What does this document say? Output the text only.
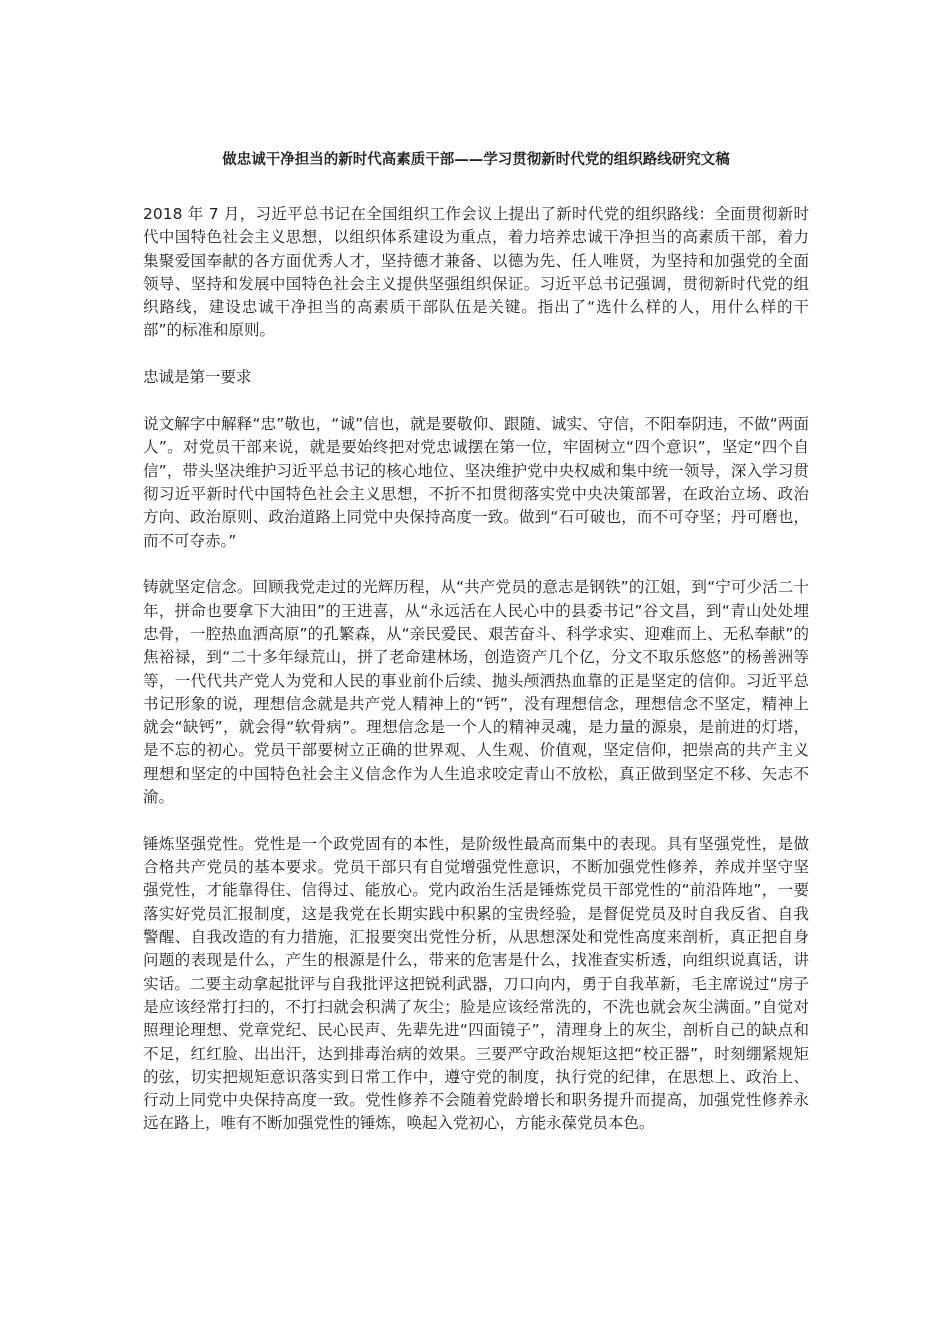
做忠诚干净担当的新时代高素质干部——学习贯彻新时代党的组织路线研究文稿

2018 年 7 月，习近平总书记在全国组织工作会议上提出了新时代党的组织路线：全面贯彻新时代中国特色社会主义思想，以组织体系建设为重点，着力培养忠诚干净担当的高素质干部，着力集聚爱国奉献的各方面优秀人才，坚持德才兼备、以德为先、任人唯贤，为坚持和加强党的全面领导、坚持和发展中国特色社会主义提供坚强组织保证。习近平总书记强调，贯彻新时代党的组织路线，建设忠诚干净担当的高素质干部队伍是关键。指出了“选什么样的人，用什么样的干部”的标准和原则。

忠诚是第一要求

说文解字中解释“忠”敬也，“诚”信也，就是要敬仰、跟随、诚实、守信，不阳奉阴违，不做“两面人”。对党员干部来说，就是要始终把对党忠诚摆在第一位，牢固树立“四个意识”，坚定“四个自信”，带头坚决维护习近平总书记的核心地位、坚决维护党中央权威和集中统一领导，深入学习贯彻习近平新时代中国特色社会主义思想，不折不扣贯彻落实党中央决策部署，在政治立场、政治方向、政治原则、政治道路上同党中央保持高度一致。做到“石可破也，而不可夺坚；丹可磨也，而不可夺赤。”

铸就坚定信念。回顾我党走过的光辉历程，从“共产党员的意志是钢铁”的江姐，到“宁可少活二十年，拼命也要拿下大油田”的王进喜，从“永远活在人民心中的县委书记”谷文昌，到“青山处处埋忠骨，一腔热血洒高原”的孔繁森，从“亲民爱民、艰苦奋斗、科学求实、迎难而上、无私奉献”的焦裕禄，到“二十多年绿荒山，拼了老命建林场，创造资产几个亿，分文不取乐悠悠”的杨善洲等等，一代代共产党人为党和人民的事业前仆后续、抛头颅洒热血靠的正是坚定的信仰。习近平总书记形象的说，理想信念就是共产党人精神上的“钙”，没有理想信念，理想信念不坚定，精神上就会“缺钙”，就会得“软骨病”。理想信念是一个人的精神灵魂，是力量的源泉，是前进的灯塔，是不忘的初心。党员干部要树立正确的世界观、人生观、价值观，坚定信仰，把崇高的共产主义理想和坚定的中国特色社会主义信念作为人生追求咬定青山不放松，真正做到坚定不移、矢志不渝。

锤炼坚强党性。党性是一个政党固有的本性，是阶级性最高而集中的表现。具有坚强党性，是做合格共产党员的基本要求。党员干部只有自觉增强党性意识，不断加强党性修养，养成并坚守坚强党性，才能靠得住、信得过、能放心。党内政治生活是锤炼党员干部党性的“前沿阵地”，一要落实好党员汇报制度，这是我党在长期实践中积累的宝贵经验，是督促党员及时自我反省、自我警醒、自我改造的有力措施，汇报要突出党性分析，从思想深处和党性高度来剖析，真正把自身问题的表现是什么，产生的根源是什么，带来的危害是什么，找准查实析透，向组织说真话，讲实话。二要主动拿起批评与自我批评这把锐利武器，刀口向内，勇于自我革新，毛主席说过“房子是应该经常打扫的，不打扫就会积满了灰尘；脸是应该经常洗的，不洗也就会灰尘满面。”自觉对照理论理想、党章党纪、民心民声、先辈先进“四面镜子”，清理身上的灰尘，剖析自己的缺点和不足，红红脸、出出汗，达到排毒治病的效果。三要严守政治规矩这把“校正器”，时刻绷紧规矩的弦，切实把规矩意识落实到日常工作中，遵守党的制度，执行党的纪律，在思想上、政治上、行动上同党中央保持高度一致。党性修养不会随着党龄增长和职务提升而提高，加强党性修养永远在路上，唯有不断加强党性的锤炼，唤起入党初心，方能永葆党员本色。
